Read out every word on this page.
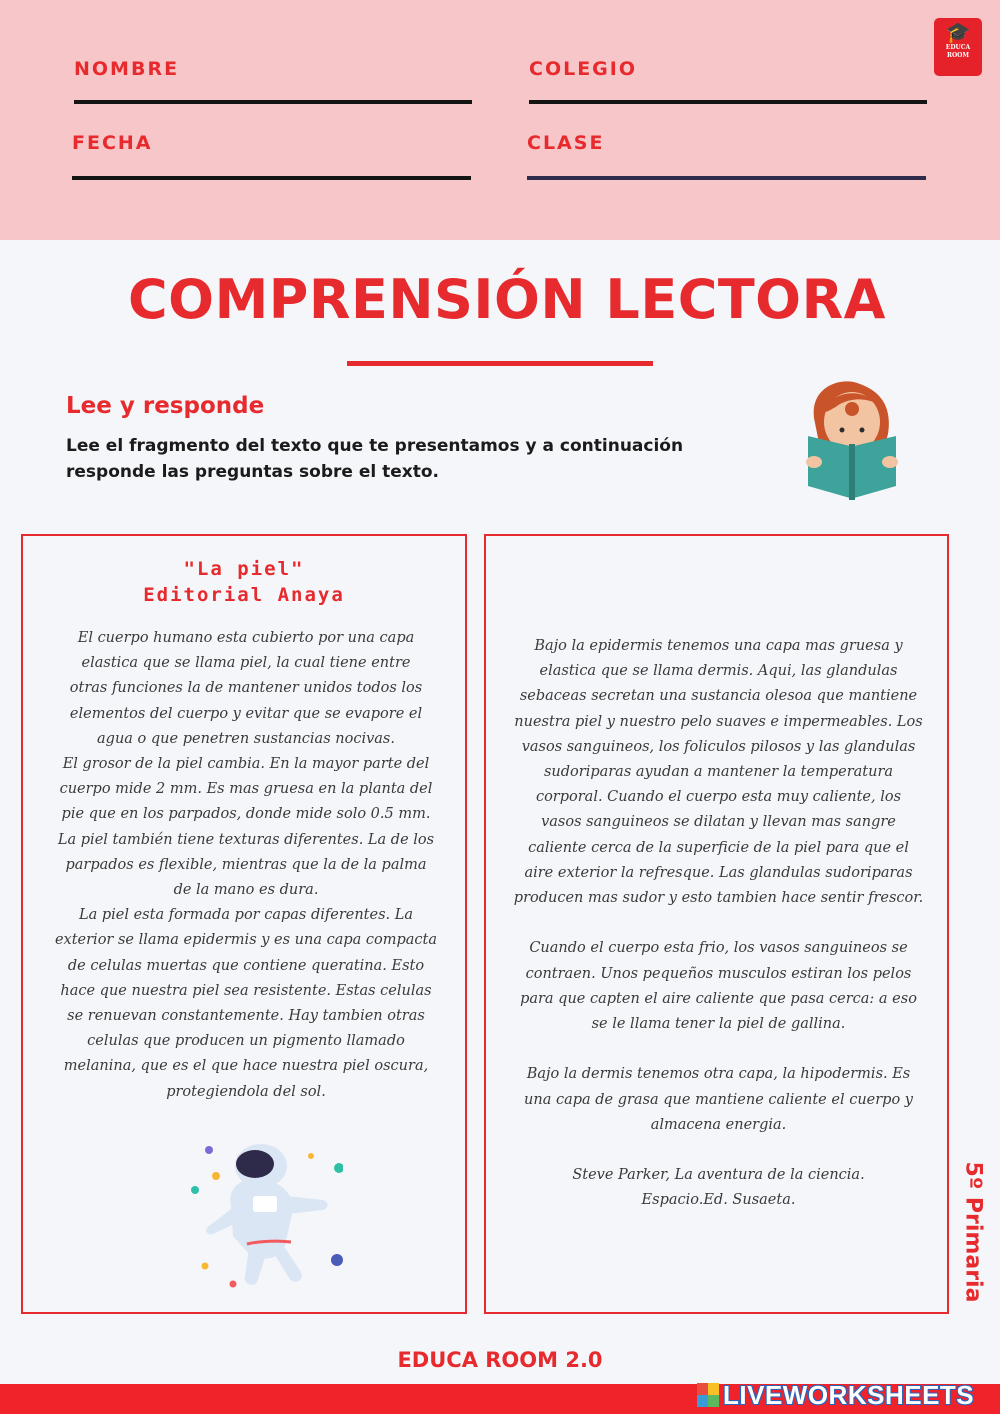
NOMBRE	COLEGIO
FECHA	CLASE
🎓
EDUCA ROOM
COMPRENSIÓN LECTORA
Lee y responde
Lee el fragmento del texto que te presentamos y a continuación responde las preguntas sobre el texto.
"La piel"
Editorial Anaya
El cuerpo humano esta cubierto por una capa
elastica que se llama piel, la cual tiene entre
otras funciones la de mantener unidos todos los
elementos del cuerpo y evitar que se evapore el
agua o que penetren sustancias nocivas.
El grosor de la piel cambia. En la mayor parte del
cuerpo mide 2 mm. Es mas gruesa en la planta del
pie que en los parpados, donde mide solo 0.5 mm.
La piel también tiene texturas diferentes. La de los
parpados es flexible, mientras que la de la palma
de la mano es dura.
La piel esta formada por capas diferentes. La
exterior se llama epidermis y es una capa compacta
de celulas muertas que contiene queratina. Esto
hace que nuestra piel sea resistente. Estas celulas
se renuevan constantemente. Hay tambien otras
celulas que producen un pigmento llamado
melanina, que es el que hace nuestra piel oscura,
protegiendola del sol.
Bajo la epidermis tenemos una capa mas gruesa y
elastica que se llama dermis. Aqui, las glandulas
sebaceas secretan una sustancia olesoa que mantiene
nuestra piel y nuestro pelo suaves e impermeables. Los
vasos sanguineos, los foliculos pilosos y las glandulas
sudoriparas ayudan a mantener la temperatura
corporal. Cuando el cuerpo esta muy caliente, los
vasos sanguineos se dilatan y llevan mas sangre
caliente cerca de la superficie de la piel para que el
aire exterior la refresque. Las glandulas sudoriparas
producen mas sudor y esto tambien hace sentir frescor.

Cuando el cuerpo esta frio, los vasos sanguineos se
contraen. Unos pequeños musculos estiran los pelos
para que capten el aire caliente que pasa cerca: a eso
se le llama tener la piel de gallina.

Bajo la dermis tenemos otra capa, la hipodermis. Es
una capa de grasa que mantiene caliente el cuerpo y
almacena energia.

Steve Parker, La aventura de la ciencia.
Espacio.Ed. Susaeta.	5º Primaria
EDUCA ROOM 2.0
LIVEWORKSHEETS
